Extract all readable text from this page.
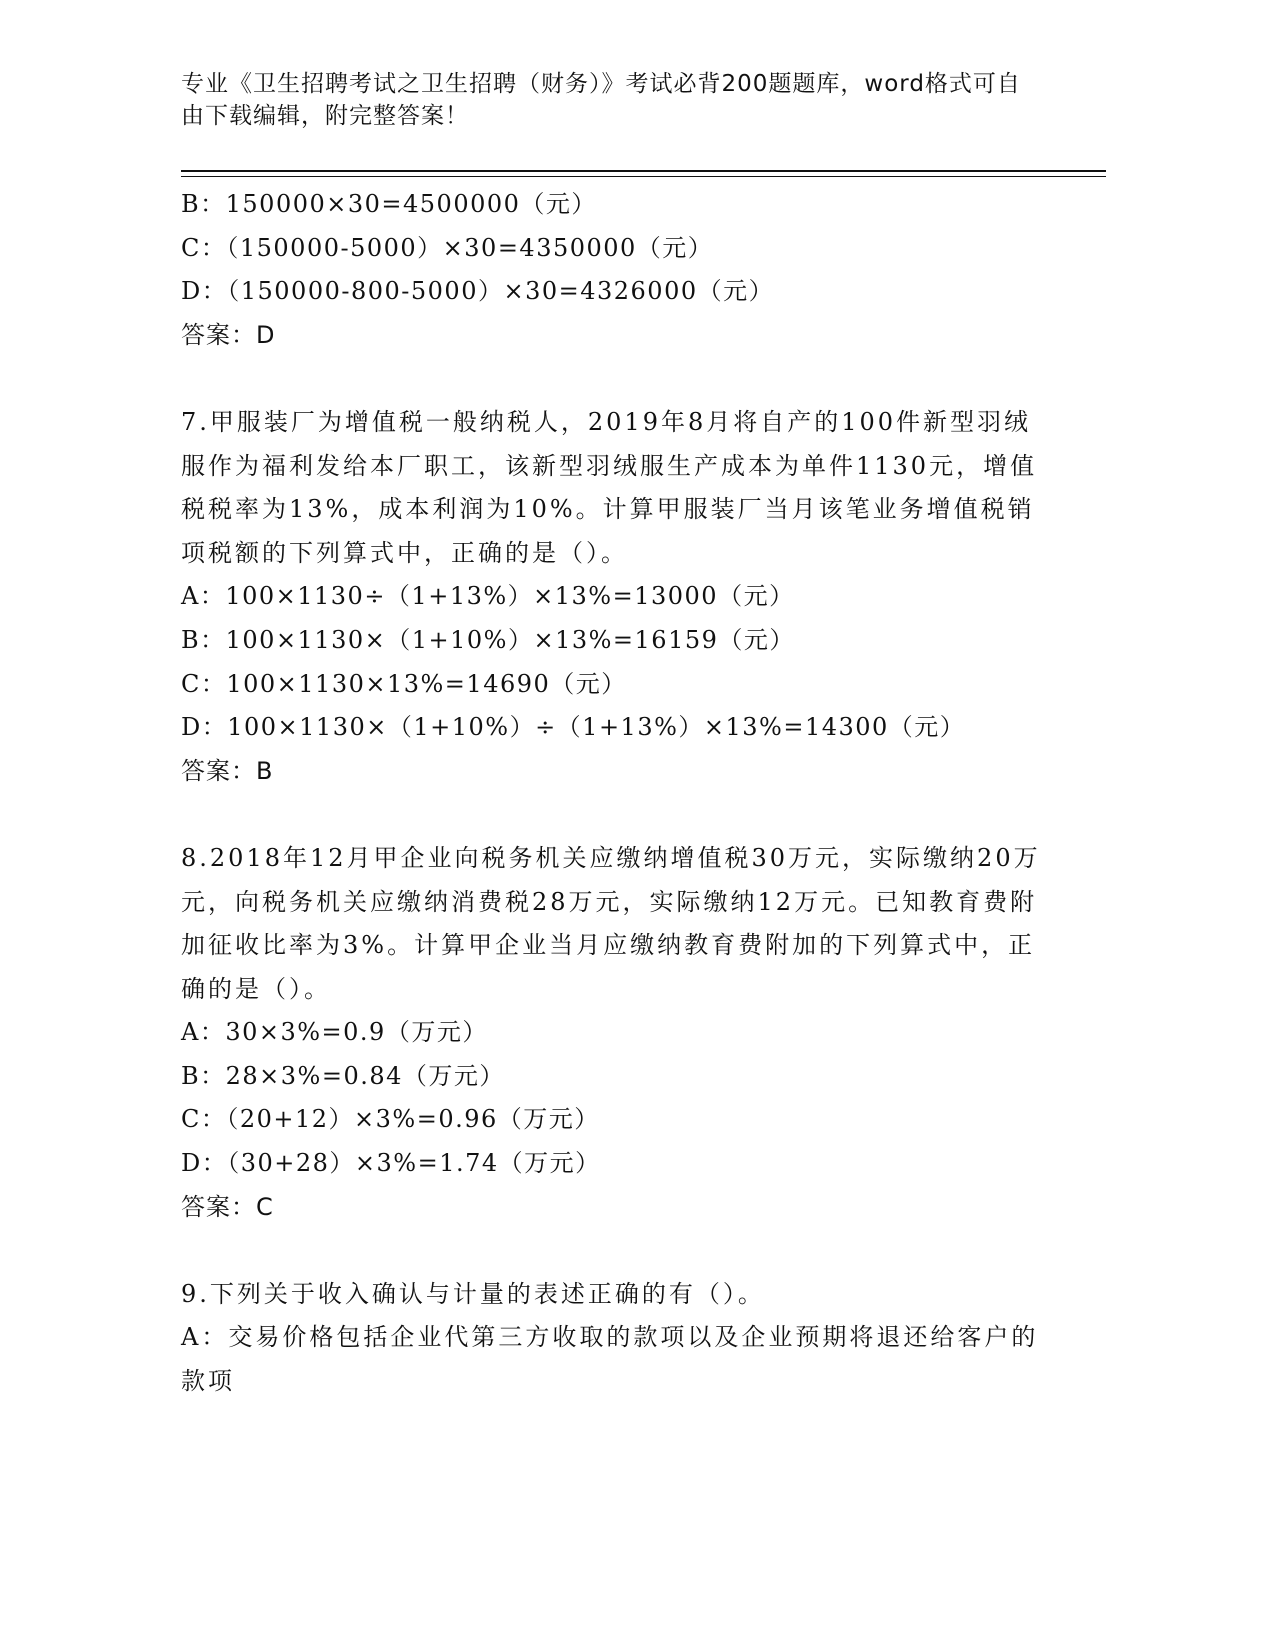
专业《卫生招聘考试之卫生招聘（财务）》考试必背200题题库，word格式可自由下载编辑，附完整答案！
B：150000×30=4500000（元）
C：（150000-5000）×30=4350000（元）
D：（150000-800-5000）×30=4326000（元）
答案：D
7.甲服装厂为增值税一般纳税人，2019年8月将自产的100件新型羽绒服作为福利发给本厂职工，该新型羽绒服生产成本为单件1130元，增值税税率为13%，成本利润为10%。计算甲服装厂当月该笔业务增值税销项税额的下列算式中，正确的是（）。
A：100×1130÷（1+13%）×13%=13000（元）
B：100×1130×（1+10%）×13%=16159（元）
C：100×1130×13%=14690（元）
D：100×1130×（1+10%）÷（1+13%）×13%=14300（元）
答案：B
8.2018年12月甲企业向税务机关应缴纳增值税30万元，实际缴纳20万元，向税务机关应缴纳消费税28万元，实际缴纳12万元。已知教育费附加征收比率为3%。计算甲企业当月应缴纳教育费附加的下列算式中，正确的是（）。
A：30×3%=0.9（万元）
B：28×3%=0.84（万元）
C：（20+12）×3%=0.96（万元）
D：（30+28）×3%=1.74（万元）
答案：C
9.下列关于收入确认与计量的表述正确的有（）。
A：交易价格包括企业代第三方收取的款项以及企业预期将退还给客户的款项
